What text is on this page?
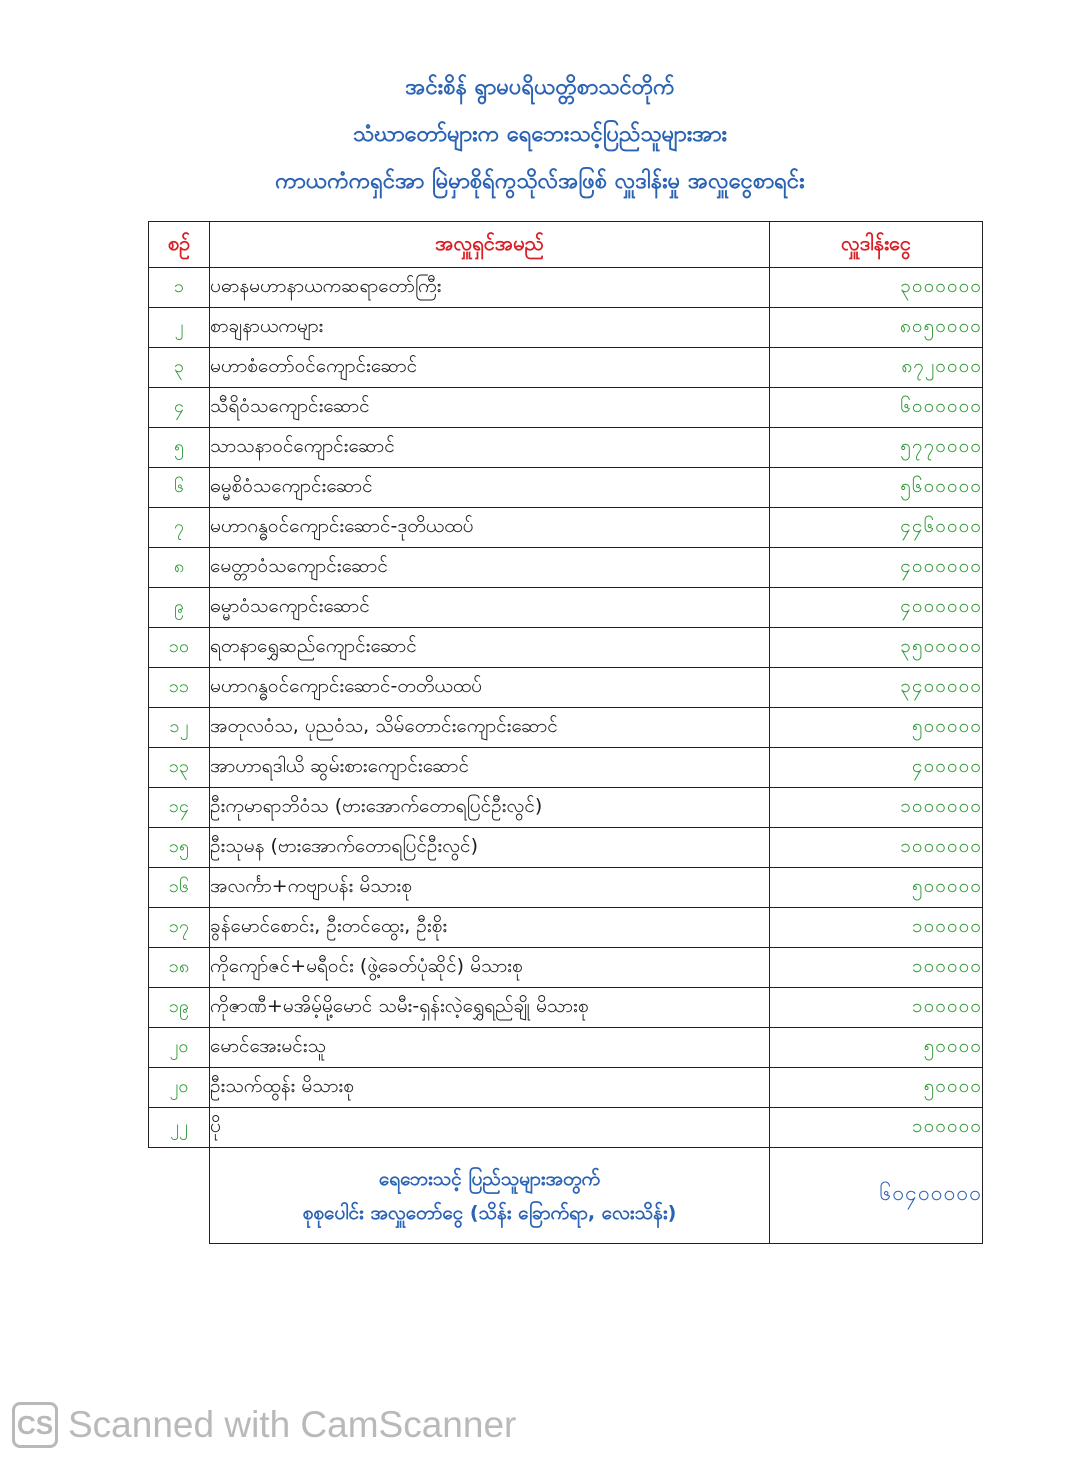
အင်းစိန် ရွာမပရိယတ္တိစာသင်တိုက်
သံဃာတော်များက ရေဘေးသင့်ပြည်သူများအား
ကာယကံကရှင်အာ မြဲမှာစိုရ်ကွသိုလ်အဖြစ် လှူဒါန်းမှု အလှူငွေစာရင်း
စဉ်	အလှူရှင်အမည်	လှူဒါန်းငွေ
၁	ပဓာနမဟာနာယကဆရာတော်ကြီး	၃၀၀၀၀၀၀
၂	စာချနာယကများ	၈၀၅၀၀၀၀
၃	မဟာစံတော်ဝင်ကျောင်းဆောင်	၈၇၂၀၀၀၀
၄	သီရိဝံသကျောင်းဆောင်	၆၀၀၀၀၀၀
၅	သာသနာဝင်ကျောင်းဆောင်	၅၇၇၀၀၀၀
၆	ဓမ္မစိဝံသကျောင်းဆောင်	၅၆၀၀၀၀၀
၇	မဟာဂန္ဓဝင်ကျောင်းဆောင်-ဒုတိယထပ်	၄၄၆၀၀၀၀
၈	မေတ္တာဝံသကျောင်းဆောင်	၄၀၀၀၀၀၀
၉	ဓမ္မာဝံသကျောင်းဆောင်	၄၀၀၀၀၀၀
၁၀	ရတနာရွှေဆည်ကျောင်းဆောင်	၃၅၀၀၀၀၀
၁၁	မဟာဂန္ဓဝင်ကျောင်းဆောင်-တတိယထပ်	၃၄၀၀၀၀၀
၁၂	အတုလဝံသ, ပုညဝံသ, သိမ်တောင်းကျောင်းဆောင်	၅၀၀၀၀၀
၁၃	အာဟာရဒါယိ ဆွမ်းစားကျောင်းဆောင်	၄၀၀၀၀၀
၁၄	ဦးကုမာရာဘိဝံသ (ဗားအောက်တောရပြင်ဦးလွင်)	၁၀၀၀၀၀၀
၁၅	ဦးသုမန (ဗားအောက်တောရပြင်ဦးလွင်)	၁၀၀၀၀၀၀
၁၆	အလင်္ကာ+ကဗျာပန်း မိသားစု	၅၀၀၀၀၀
၁၇	ခွန်မောင်စောင်း, ဦးတင်ထွေး, ဦးစိုး	၁၀၀၀၀၀
၁၈	ကိုကျော်ဇင်+မရီဝင်း (ဖွဲ့ခေတ်ပုံဆိုင်) မိသားစု	၁၀၀၀၀၀
၁၉	ကိုဇာဏီ+မအိမ့်မို့မောင် သမီး-ရှန်းလဲ့ရွှေရည်ချို မိသားစု	၁၀၀၀၀၀
၂၀	မောင်အေးမင်းသူ	၅၀၀၀၀
၂၀	ဦးသက်ထွန်း မိသားစု	၅၀၀၀၀
၂၂	ပို	၁၀၀၀၀၀

	ရေဘေးသင့် ပြည်သူများအတွက်
စုစုပေါင်း အလှူတော်ငွေ (သိန်း ခြောက်ရာ, လေးသိန်း)	၆၀၄၀၀၀၀၀
CS Scanned with CamScanner
